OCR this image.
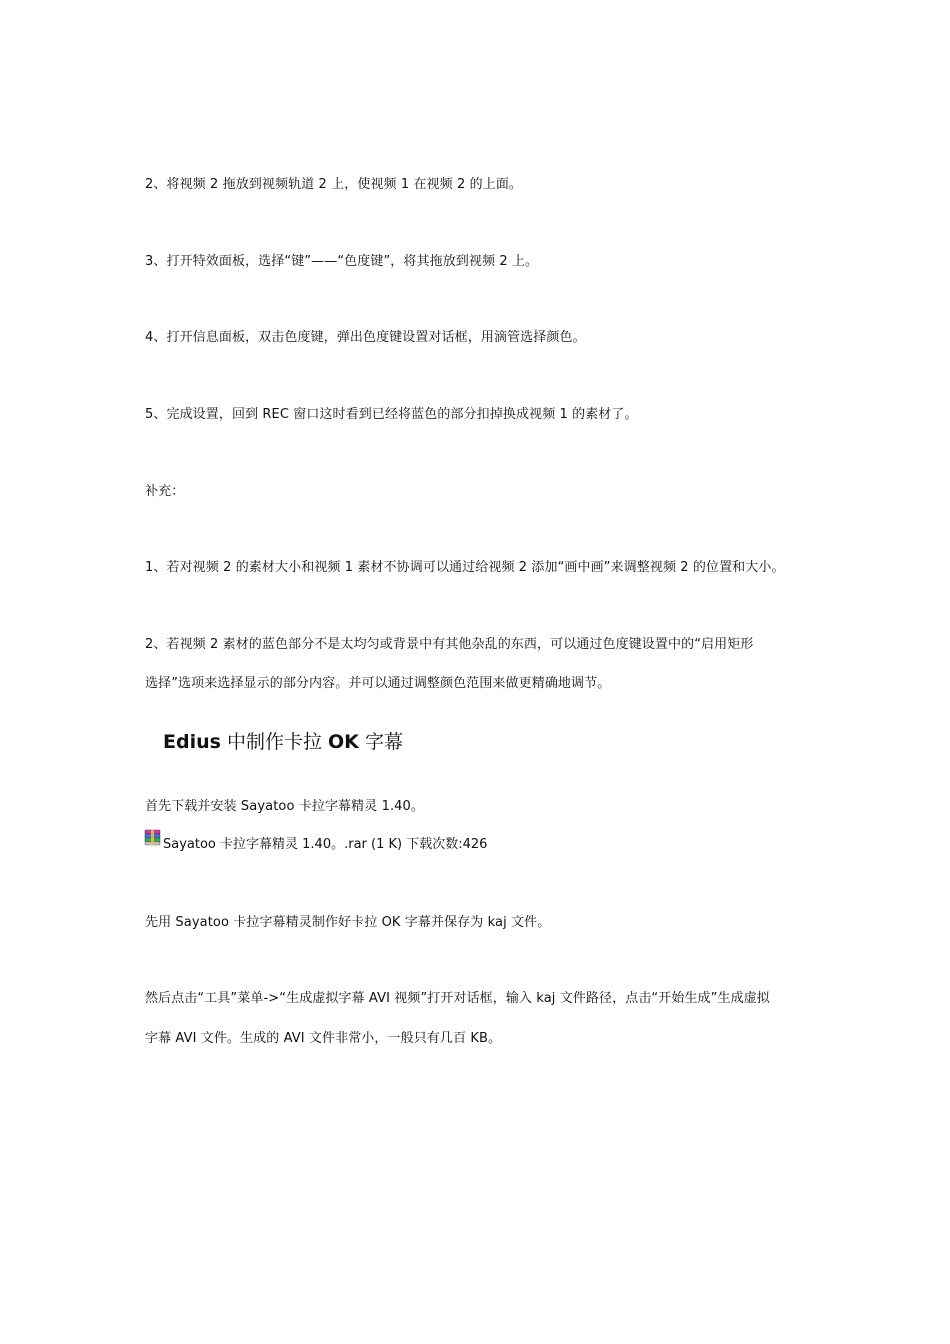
2、将视频 2 拖放到视频轨道 2 上，使视频 1 在视频 2 的上面。
3、打开特效面板，选择“键”——“色度键”，将其拖放到视频 2 上。
4、打开信息面板，双击色度键，弹出色度键设置对话框，用滴管选择颜色。
5、完成设置，回到 REC 窗口这时看到已经将蓝色的部分扣掉换成视频 1 的素材了。
补充：
1、若对视频 2 的素材大小和视频 1 素材不协调可以通过给视频 2 添加“画中画”来调整视频 2 的位置和大小。
2、若视频 2 素材的蓝色部分不是太均匀或背景中有其他杂乱的东西，可以通过色度键设置中的“启用矩形
选择”选项来选择显示的部分内容。并可以通过调整颜色范围来做更精确地调节。
Edius 中制作卡拉 OK 字幕
首先下载并安装 Sayatoo 卡拉字幕精灵 1.40。
Sayatoo 卡拉字幕精灵 1.40。.rar (1 K) 下载次数:426
先用 Sayatoo 卡拉字幕精灵制作好卡拉 OK 字幕并保存为 kaj 文件。
然后点击“工具”菜单->“生成虚拟字幕 AVI 视频”打开对话框，输入 kaj 文件路径，点击“开始生成”生成虚拟
字幕 AVI 文件。生成的 AVI 文件非常小，一般只有几百 KB。
